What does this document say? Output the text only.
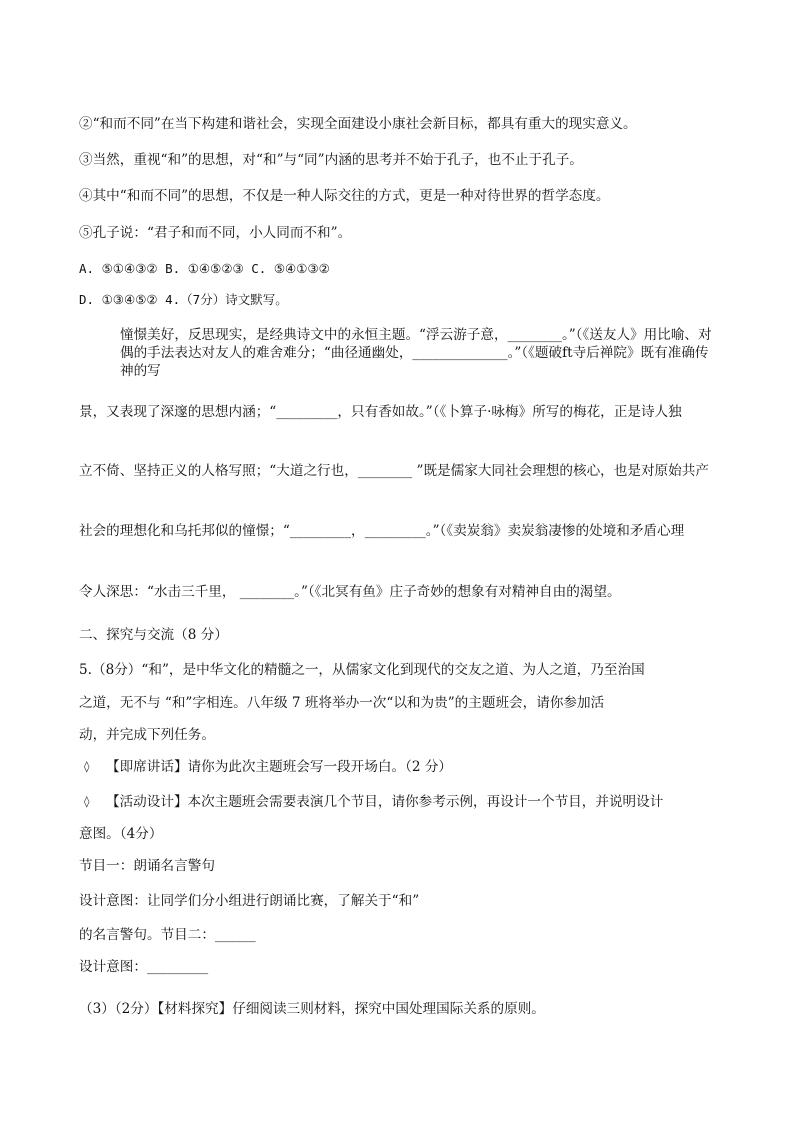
②“和而不同”在当下构建和谐社会，实现全面建设小康社会新目标，都具有重大的现实意义。
③当然，重视“和”的思想，对“和”与“同”内涵的思考并不始于孔子，也不止于孔子。
④其中“和而不同”的思想，不仅是一种人际交往的方式，更是一种对待世界的哲学态度。
⑤孔子说：“君子和而不同，小人同而不和”。
A. ⑤①④③② B. ①④⑤②③ C. ⑤④①③②
D. ①③④⑤② 4.（7分）诗文默写。
憧憬美好，反思现实，是经典诗文中的永恒主题。“浮云游子意，________。”（《送友人》用比喻、对偶的手法表达对友人的难舍难分；“曲径通幽处，______________。”（《题破ft寺后禅院》既有准确传神的写
景，又表现了深邃的思想内涵；“_________，只有香如故。”（《卜算子·咏梅》所写的梅花，正是诗人独
立不倚、坚持正义的人格写照；“大道之行也，________ ”既是儒家大同社会理想的核心，也是对原始共产
社会的理想化和乌托邦似的憧憬；“_________，_________。”（《卖炭翁》卖炭翁凄惨的处境和矛盾心理
令人深思：“水击三千里， ________。”（《北冥有鱼》庄子奇妙的想象有对精神自由的渴望。
二、探究与交流（8 分）
5.（8分）“和”，是中华文化的精髓之一，从儒家文化到现代的交友之道、为人之道，乃至治国
之道，无不与 “和”字相连。八年级 7 班将举办一次“以和为贵”的主题班会，请你参加活
动，并完成下列任务。
◊ 【即席讲话】请你为此次主题班会写一段开场白。（2 分）
◊ 【活动设计】本次主题班会需要表演几个节目，请你参考示例，再设计一个节目，并说明设计
意图。（4分）
节目一：朗诵名言警句
设计意图：让同学们分小组进行朗诵比赛，了解关于“和”
的名言警句。节目二：______
设计意图：_________
（3）（2分）【材料探究】仔细阅读三则材料，探究中国处理国际关系的原则。
